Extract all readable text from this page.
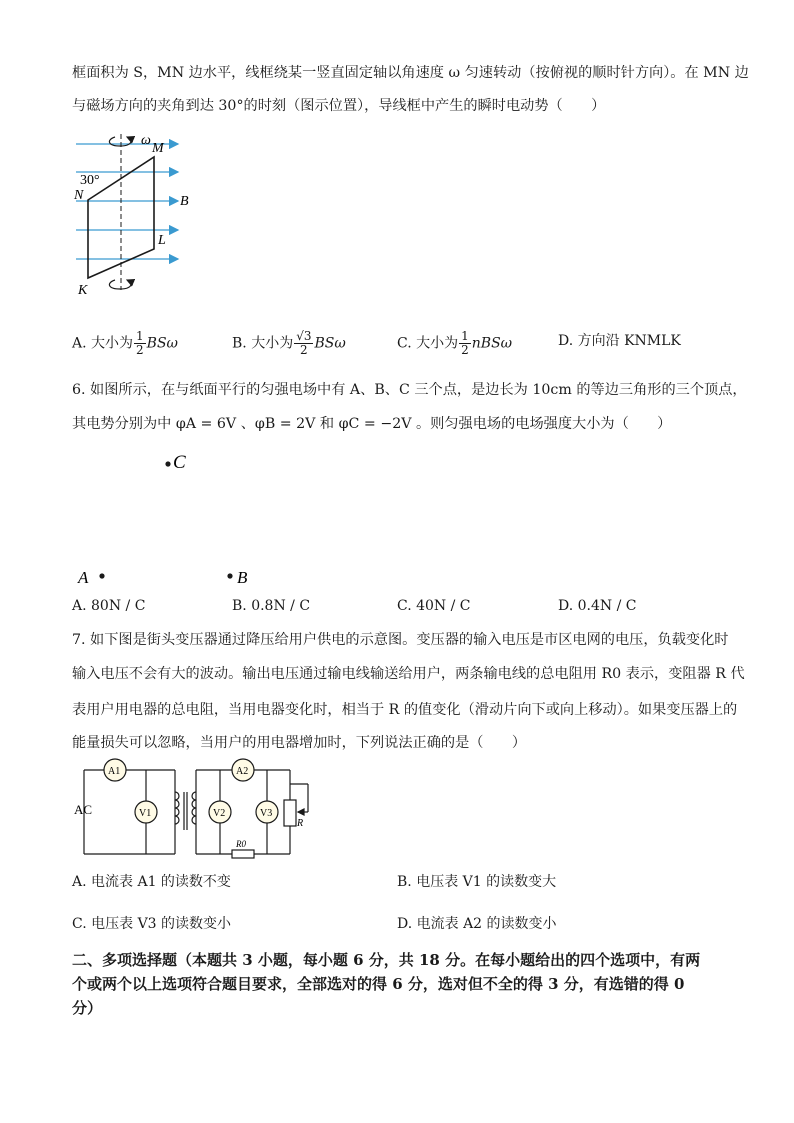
框面积为 S，MN 边水平，线框绕某一竖直固定轴以角速度 ω 匀速转动（按俯视的顺时针方向）。在 MN 边
与磁场方向的夹角到达 30°的时刻（图示位置），导线框中产生的瞬时电动势（　　）
ω
M
N
L
K
B
30°
A. 大小为 $\frac{1}{2}$ BSω	B. 大小为 $\frac{√3}{2}$ BSω	C. 大小为 $\frac{1}{2}$ nBSω	D. 方向沿 KNMLK
6. 如图所示，在与纸面平行的匀强电场中有 A、B、C 三个点，是边长为 10cm 的等边三角形的三个顶点，
其电势分别为中 φA = 6V 、φB = 2V 和 φC = −2V 。则匀强电场的电场强度大小为（　　）
C
A	B
A. 80N / C	B. 0.8N / C	C. 40N / C	D. 0.4N / C
7. 如下图是街头变压器通过降压给用户供电的示意图。变压器的输入电压是市区电网的电压，负载变化时
输入电压不会有大的波动。输出电压通过输电线输送给用户，两条输电线的总电阻用 R0 表示，变阻器 R 代
表用户用电器的总电阻，当用电器变化时，相当于 R 的值变化（滑动片向下或向上移动）。如果变压器上的
能量损失可以忽略，当用户的用电器增加时，下列说法正确的是（　　）
A1
V1
A2
V2	V3
AC
R
R0
A. 电流表 A1 的读数不变	B. 电压表 V1 的读数变大
C. 电压表 V3 的读数变小	D. 电流表 A2 的读数变小
二、多项选择题（本题共 3 小题，每小题 6 分，共 18 分。在每小题给出的四个选项中，有两
个或两个以上选项符合题目要求，全部选对的得 6 分，选对但不全的得 3 分，有选错的得 0
分）
